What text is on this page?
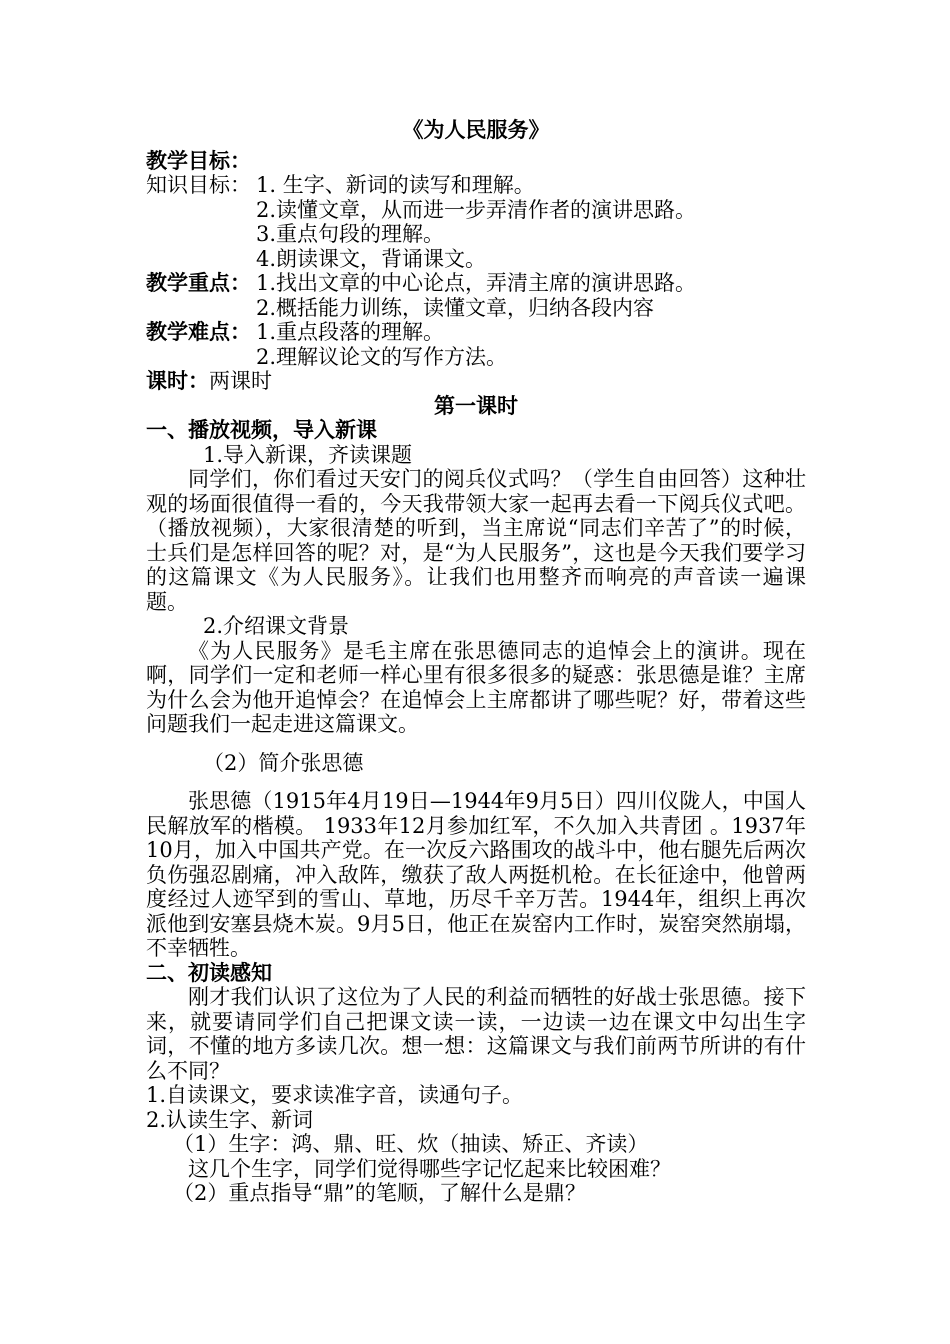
《为人民服务》
教学目标：
知识目标： 1. 生字、新词的读写和理解。
2.读懂文章，从而进一步弄清作者的演讲思路。
3.重点句段的理解。
4.朗读课文，背诵课文。
教学重点： 1.找出文章的中心论点，弄清主席的演讲思路。
2.概括能力训练，读懂文章，归纳各段内容
教学难点： 1.重点段落的理解。
2.理解议论文的写作方法。
课时： 两课时
第一课时
一、播放视频，导入新课
1.导入新课，齐读课题
同学们，你们看过天安门的阅兵仪式吗？（学生自由回答）这种壮观的场面很值得一看的，今天我带领大家一起再去看一下阅兵仪式吧。（播放视频），大家很清楚的听到，当主席说“同志们辛苦了”的时候，士兵们是怎样回答的呢？对，是“为人民服务”，这也是今天我们要学习的这篇课文《为人民服务》。让我们也用整齐而响亮的声音读一遍课题。
2.介绍课文背景
《为人民服务》是毛主席在张思德同志的追悼会上的演讲。现在啊，同学们一定和老师一样心里有很多很多的疑惑：张思德是谁？主席为什么会为他开追悼会？在追悼会上主席都讲了哪些呢？好，带着这些问题我们一起走进这篇课文。
（2）简介张思德
张思德（1915年4月19日—1944年9月5日）四川仪陇人，中国人民解放军的楷模。 1933年12月参加红军，不久加入共青团 。1937年10月，加入中国共产党。在一次反六路围攻的战斗中，他右腿先后两次负伤强忍剧痛，冲入敌阵，缴获了敌人两挺机枪。在长征途中，他曾两度经过人迹罕到的雪山、草地，历尽千辛万苦。1944年，组织上再次派他到安塞县烧木炭。9月5日，他正在炭窑内工作时，炭窑突然崩塌，不幸牺牲。
二、初读感知
刚才我们认识了这位为了人民的利益而牺牲的好战士张思德。接下来，就要请同学们自己把课文读一读，一边读一边在课文中勾出生字词，不懂的地方多读几次。想一想：这篇课文与我们前两节所讲的有什么不同？
1.自读课文，要求读准字音，读通句子。
2.认读生字、新词
（1）生字：鸿、鼎、旺、炊（抽读、矫正、齐读）
这几个生字，同学们觉得哪些字记忆起来比较困难？
（2）重点指导“鼎”的笔顺，了解什么是鼎？
